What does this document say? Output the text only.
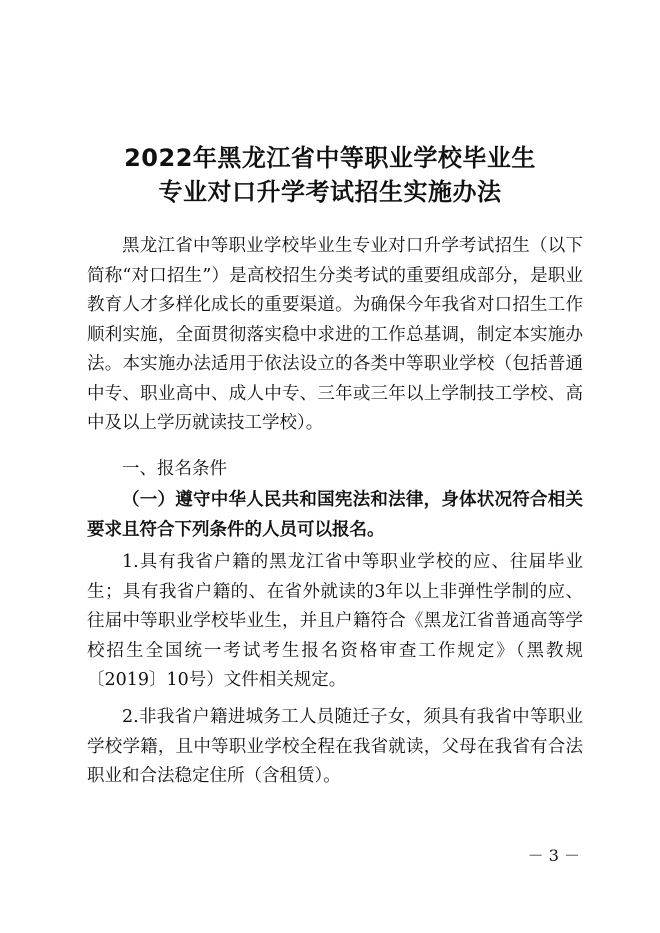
2022年黑龙江省中等职业学校毕业生
专业对口升学考试招生实施办法

黑龙江省中等职业学校毕业生专业对口升学考试招生（以下简称“对口招生”）是高校招生分类考试的重要组成部分，是职业教育人才多样化成长的重要渠道。为确保今年我省对口招生工作顺利实施，全面贯彻落实稳中求进的工作总基调，制定本实施办法。本实施办法适用于依法设立的各类中等职业学校（包括普通中专、职业高中、成人中专、三年或三年以上学制技工学校、高中及以上学历就读技工学校）。

一、报名条件

（一）遵守中华人民共和国宪法和法律，身体状况符合相关要求且符合下列条件的人员可以报名。

1.具有我省户籍的黑龙江省中等职业学校的应、往届毕业生；具有我省户籍的、在省外就读的3年以上非弹性学制的应、往届中等职业学校毕业生，并且户籍符合《黑龙江省普通高等学校招生全国统一考试考生报名资格审查工作规定》（黑教规〔2019〕10号）文件相关规定。

2.非我省户籍进城务工人员随迁子女，须具有我省中等职业学校学籍，且中等职业学校全程在我省就读，父母在我省有合法职业和合法稳定住所（含租赁）。

－ 3 －
